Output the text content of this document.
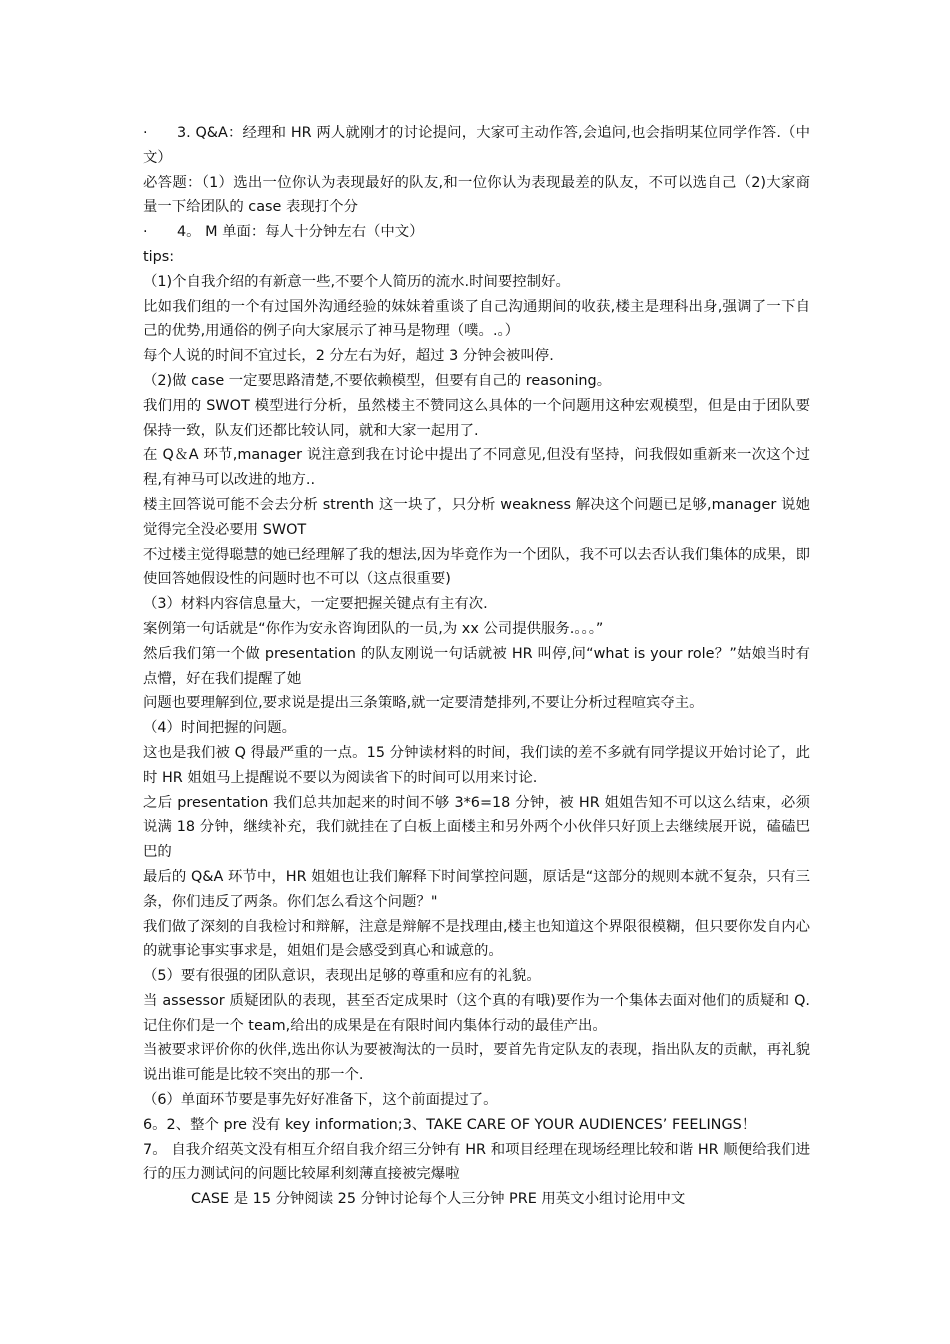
· 3. Q&A：经理和 HR 两人就刚才的讨论提问，大家可主动作答,会追问,也会指明某位同学作答.（中文）

必答题：（1）选出一位你认为表现最好的队友,和一位你认为表现最差的队友，不可以选自己（2)大家商量一下给团队的 case 表现打个分

· 4。 M 单面：每人十分钟左右（中文）

tips:

（1)个自我介绍的有新意一些,不要个人简历的流水.时间要控制好。

比如我们组的一个有过国外沟通经验的妹妹着重谈了自己沟通期间的收获,楼主是理科出身,强调了一下自己的优势,用通俗的例子向大家展示了神马是物理（噗。.。）

每个人说的时间不宜过长，2 分左右为好，超过 3 分钟会被叫停.

（2)做 case 一定要思路清楚,不要依赖模型，但要有自己的 reasoning。

我们用的 SWOT 模型进行分析，虽然楼主不赞同这么具体的一个问题用这种宏观模型，但是由于团队要保持一致，队友们还都比较认同，就和大家一起用了.

在 Q＆A 环节,manager 说注意到我在讨论中提出了不同意见,但没有坚持，问我假如重新来一次这个过程,有神马可以改进的地方..

楼主回答说可能不会去分析 strenth 这一块了，只分析 weakness 解决这个问题已足够,manager 说她觉得完全没必要用 SWOT

不过楼主觉得聪慧的她已经理解了我的想法,因为毕竟作为一个团队，我不可以去否认我们集体的成果，即使回答她假设性的问题时也不可以（这点很重要)

（3）材料内容信息量大，一定要把握关键点有主有次.

案例第一句话就是“你作为安永咨询团队的一员,为 xx 公司提供服务.。。。”

然后我们第一个做 presentation 的队友刚说一句话就被 HR 叫停,问“what is your role？”姑娘当时有点懵，好在我们提醒了她

问题也要理解到位,要求说是提出三条策略,就一定要清楚排列,不要让分析过程喧宾夺主。

（4）时间把握的问题。

这也是我们被 Q 得最严重的一点。15 分钟读材料的时间，我们读的差不多就有同学提议开始讨论了，此时 HR 姐姐马上提醒说不要以为阅读省下的时间可以用来讨论.

之后 presentation 我们总共加起来的时间不够 3*6=18 分钟，被 HR 姐姐告知不可以这么结束，必须说满 18 分钟，继续补充，我们就挂在了白板上面楼主和另外两个小伙伴只好顶上去继续展开说，磕磕巴巴的

最后的 Q&A 环节中，HR 姐姐也让我们解释下时间掌控问题，原话是“这部分的规则本就不复杂，只有三条，你们违反了两条。你们怎么看这个问题？"

我们做了深刻的自我检讨和辩解，注意是辩解不是找理由,楼主也知道这个界限很模糊，但只要你发自内心的就事论事实事求是，姐姐们是会感受到真心和诚意的。

（5）要有很强的团队意识，表现出足够的尊重和应有的礼貌。

当 assessor 质疑团队的表现，甚至否定成果时（这个真的有哦)要作为一个集体去面对他们的质疑和 Q.记住你们是一个 team,给出的成果是在有限时间内集体行动的最佳产出。

当被要求评价你的伙伴,选出你认为要被淘汰的一员时，要首先肯定队友的表现，指出队友的贡献，再礼貌说出谁可能是比较不突出的那一个.

（6）单面环节要是事先好好准备下，这个前面提过了。

6。2、整个 pre 没有 key information;3、TAKE CARE OF YOUR AUDIENCES’ FEELINGS！

7。 自我介绍英文没有相互介绍自我介绍三分钟有 HR 和项目经理在现场经理比较和谐 HR 顺便给我们进行的压力测试问的问题比较犀利刻薄直接被完爆啦

CASE 是 15 分钟阅读 25 分钟讨论每个人三分钟 PRE 用英文小组讨论用中文
